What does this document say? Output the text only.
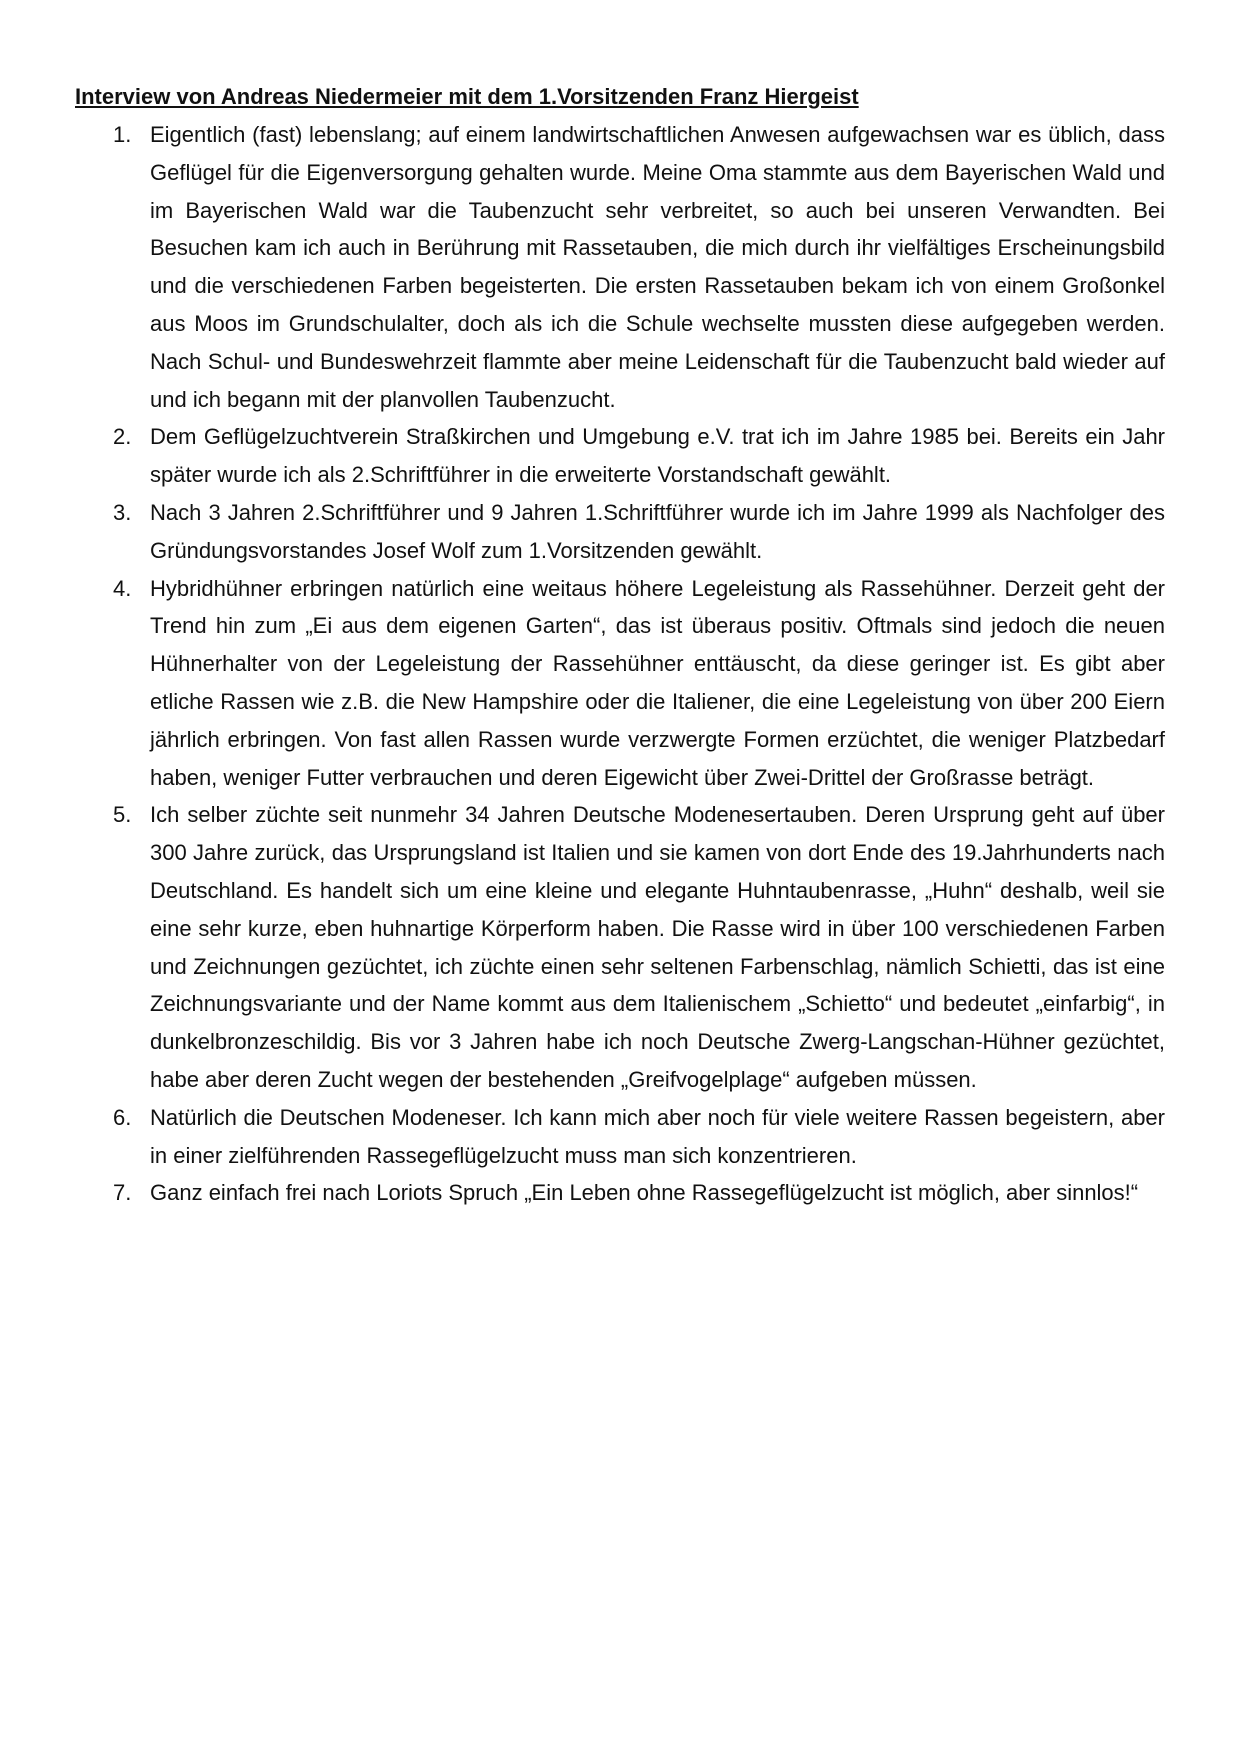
Interview von Andreas Niedermeier mit dem 1.Vorsitzenden Franz Hiergeist
1. Eigentlich (fast) lebenslang; auf einem landwirtschaftlichen Anwesen aufgewachsen war es üblich, dass Geflügel für die Eigenversorgung gehalten wurde. Meine Oma stammte aus dem Bayerischen Wald und im Bayerischen Wald war die Taubenzucht sehr verbreitet, so auch bei unseren Verwandten. Bei Besuchen kam ich auch in Berührung mit Rassetauben, die mich durch ihr vielfältiges Erscheinungsbild und die verschiedenen Farben begeisterten. Die ersten Rassetauben bekam ich von einem Großonkel aus Moos im Grundschulalter, doch als ich die Schule wechselte mussten diese aufgegeben werden. Nach Schul- und Bundeswehrzeit flammte aber meine Leidenschaft für die Taubenzucht bald wieder auf und ich begann mit der planvollen Taubenzucht.
2. Dem Geflügelzuchtverein Straßkirchen und Umgebung e.V. trat ich im Jahre 1985 bei. Bereits ein Jahr später wurde ich als 2.Schriftführer in die erweiterte Vorstandschaft gewählt.
3. Nach 3 Jahren 2.Schriftführer und 9 Jahren 1.Schriftführer wurde ich im Jahre 1999 als Nachfolger des Gründungsvorstandes Josef Wolf zum 1.Vorsitzenden gewählt.
4. Hybridhühner erbringen natürlich eine weitaus höhere Legeleistung als Rassehühner. Derzeit geht der Trend hin zum „Ei aus dem eigenen Garten“, das ist überaus positiv. Oftmals sind jedoch die neuen Hühnerhalter von der Legeleistung der Rassehühner enttäuscht, da diese geringer ist. Es gibt aber etliche Rassen wie z.B. die New Hampshire oder die Italiener, die eine Legeleistung von über 200 Eiern jährlich erbringen. Von fast allen Rassen wurde verzwergte Formen erzüchtet, die weniger Platzbedarf haben, weniger Futter verbrauchen und deren Eigewicht über Zwei-Drittel der Großrasse beträgt.
5. Ich selber züchte seit nunmehr 34 Jahren Deutsche Modenesertauben. Deren Ursprung geht auf über 300 Jahre zurück, das Ursprungsland ist Italien und sie kamen von dort Ende des 19.Jahrhunderts nach Deutschland. Es handelt sich um eine kleine und elegante Huhntaubenrasse, „Huhn“ deshalb, weil sie eine sehr kurze, eben huhnartige Körperform haben. Die Rasse wird in über 100 verschiedenen Farben und Zeichnungen gezüchtet, ich züchte einen sehr seltenen Farbenschlag, nämlich Schietti, das ist eine Zeichnungsvariante und der Name kommt aus dem Italienischem „Schietto“ und bedeutet „einfarbig“, in dunkelbronzeschildig. Bis vor 3 Jahren habe ich noch Deutsche Zwerg-Langschan-Hühner gezüchtet, habe aber deren Zucht wegen der bestehenden „Greifvogelplage“ aufgeben müssen.
6. Natürlich die Deutschen Modeneser. Ich kann mich aber noch für viele weitere Rassen begeistern, aber in einer zielführenden Rassegeflügelzucht muss man sich konzentrieren.
7. Ganz einfach frei nach Loriots Spruch „Ein Leben ohne Rassegeflügelzucht ist möglich, aber sinnlos!“
